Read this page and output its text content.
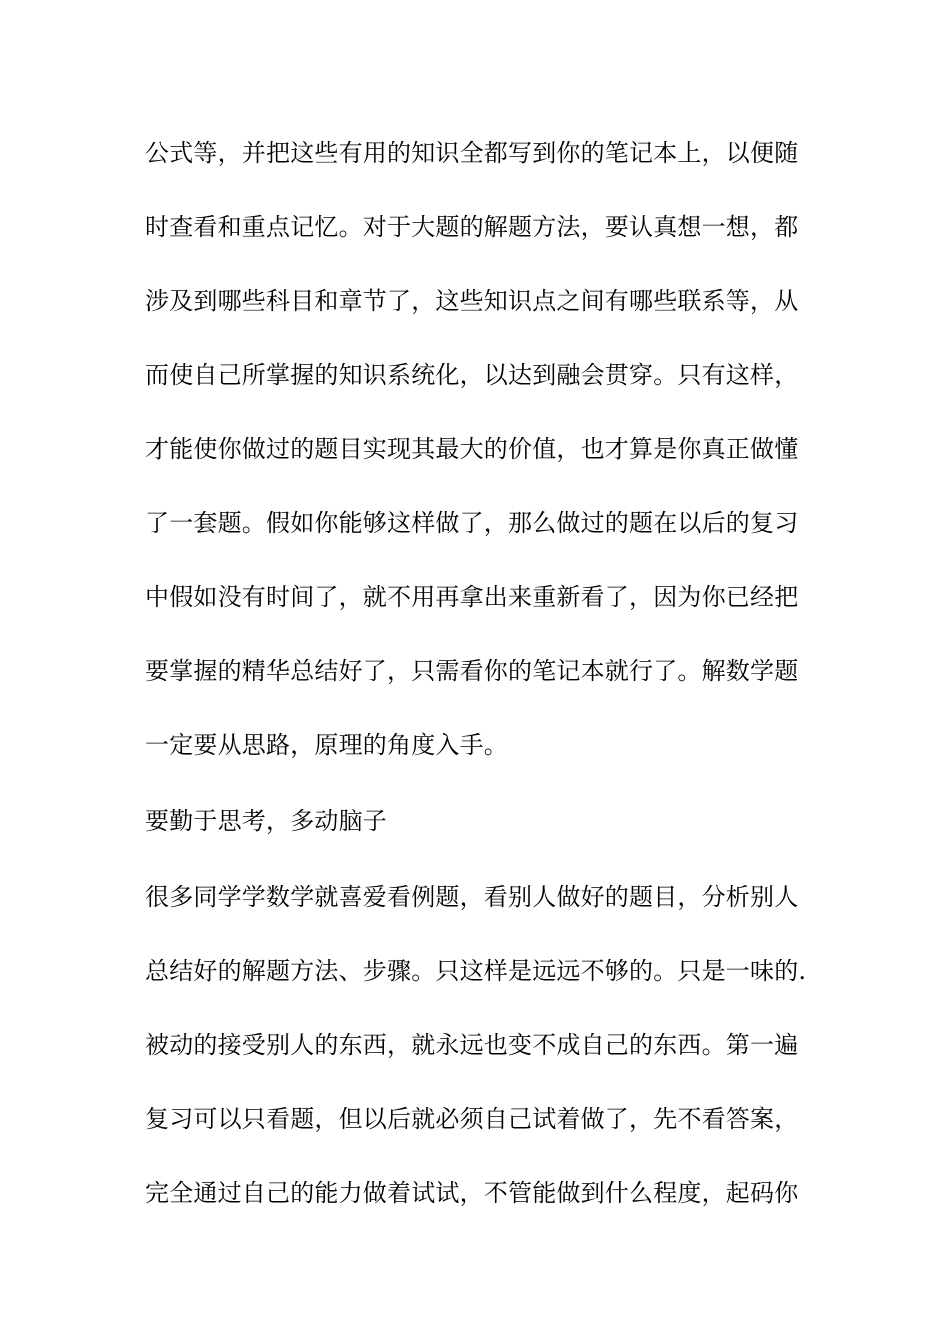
公式等，并把这些有用的知识全都写到你的笔记本上，以便随
时查看和重点记忆。对于大题的解题方法，要认真想一想，都
涉及到哪些科目和章节了，这些知识点之间有哪些联系等，从
而使自己所掌握的知识系统化，以达到融会贯穿。只有这样，
才能使你做过的题目实现其最大的价值，也才算是你真正做懂
了一套题。假如你能够这样做了，那么做过的题在以后的复习
中假如没有时间了，就不用再拿出来重新看了，因为你已经把
要掌握的精华总结好了，只需看你的笔记本就行了。解数学题
一定要从思路，原理的角度入手。
要勤于思考，多动脑子
很多同学学数学就喜爱看例题，看别人做好的题目，分析别人
总结好的解题方法、步骤。只这样是远远不够的。只是一味的.
被动的接受别人的东西，就永远也变不成自己的东西。第一遍
复习可以只看题，但以后就必须自己试着做了，先不看答案，
完全通过自己的能力做着试试，不管能做到什么程度，起码你
